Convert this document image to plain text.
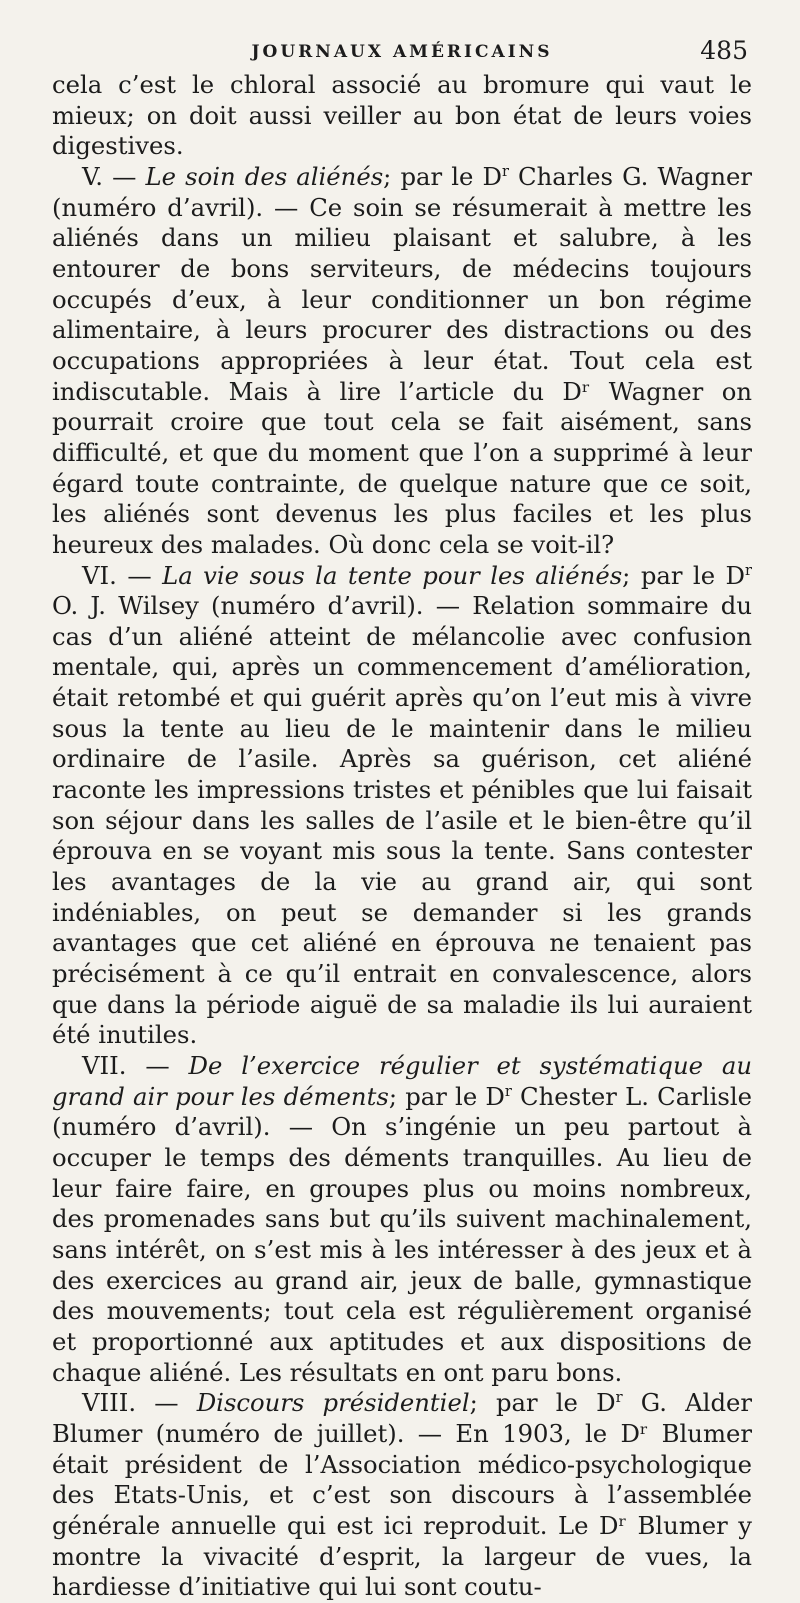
JOURNAUX AMÉRICAINS	485

cela c’est le chloral associé au bromure qui vaut le mieux; on doit aussi veiller au bon état de leurs voies digestives.

V. — Le soin des aliénés; par le $D^r$ Charles G. Wagner (numéro d’avril). — Ce soin se résumerait à mettre les aliénés dans un milieu plaisant et salubre, à les entourer de bons serviteurs, de médecins toujours occupés d’eux, à leur conditionner un bon régime alimentaire, à leurs procurer des distractions ou des occupations appropriées à leur état. Tout cela est indiscutable. Mais à lire l’article du Dʳ Wagner on pourrait croire que tout cela se fait aisément, sans difficulté, et que du moment que l’on a supprimé à leur égard toute contrainte, de quelque nature que ce soit, les aliénés sont devenus les plus faciles et les plus heureux des malades. Où donc cela se voit-il?

VI. — La vie sous la tente pour les aliénés; par le $D^r$ O. J. Wilsey (numéro d’avril). — Relation sommaire du cas d’un aliéné atteint de mélancolie avec confusion mentale, qui, après un commencement d’amélioration, était retombé et qui guérit après qu’on l’eut mis à vivre sous la tente au lieu de le maintenir dans le milieu ordinaire de l’asile. Après sa guérison, cet aliéné raconte les impressions tristes et pénibles que lui faisait son séjour dans les salles de l’asile et le bien-être qu’il éprouva en se voyant mis sous la tente. Sans contester les avantages de la vie au grand air, qui sont indéniables, on peut se demander si les grands avantages que cet aliéné en éprouva ne tenaient pas précisément à ce qu’il entrait en convalescence, alors que dans la période aiguë de sa maladie ils lui auraient été inutiles.

VII. — De l’exercice régulier et systématique au grand air pour les déments; par le $D^r$ Chester L. Carlisle (numéro d’avril). — On s’ingénie un peu partout à occuper le temps des déments tranquilles. Au lieu de leur faire faire, en groupes plus ou moins nombreux, des promenades sans but qu’ils suivent machinalement, sans intérêt, on s’est mis à les intéresser à des jeux et à des exercices au grand air, jeux de balle, gymnastique des mouvements; tout cela est régulièrement organisé et proportionné aux aptitudes et aux dispositions de chaque aliéné. Les résultats en ont paru bons.

VIII. — Discours présidentiel; par le $D^r$ G. Alder Blumer (numéro de juillet). — En 1903, le Dʳ Blumer était président de l’Association médico-psychologique des Etats-Unis, et c’est son discours à l’assemblée générale annuelle qui est ici reproduit. Le Dʳ Blumer y montre la vivacité d’esprit, la largeur de vues, la hardiesse d’initiative qui lui sont coutu-
